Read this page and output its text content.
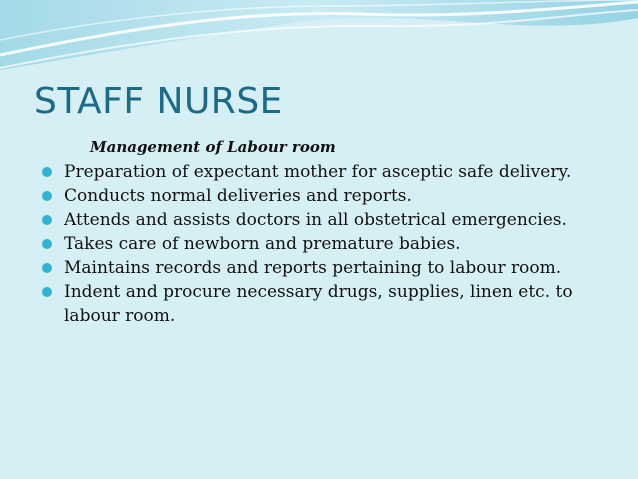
STAFF NURSE
Management of Labour room
Preparation of expectant mother for asceptic safe delivery.
Conducts normal deliveries and reports.
Attends and assists doctors in all obstetrical emergencies.
Takes care of newborn and premature babies.
Maintains records and reports pertaining to labour room.
Indent and procure necessary drugs, supplies, linen etc. to labour room.
